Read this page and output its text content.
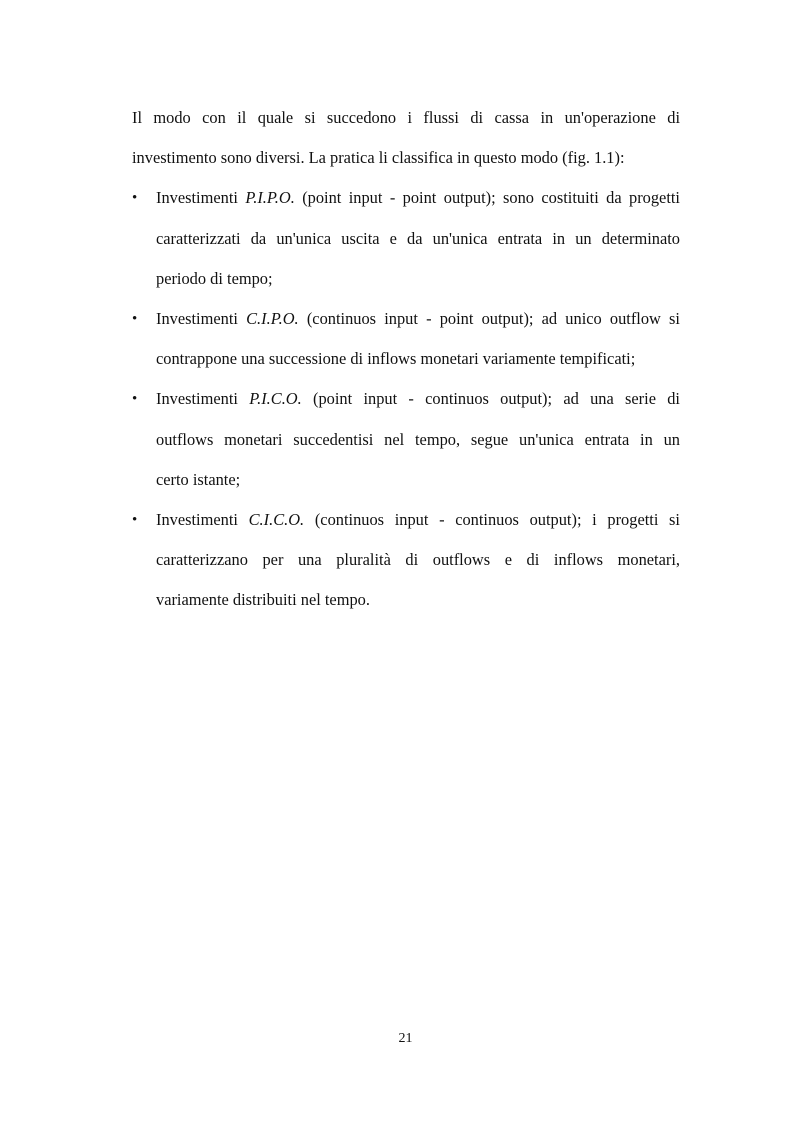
Il modo con il quale si succedono i flussi di cassa in un'operazione di
investimento sono diversi. La pratica li classifica in questo modo (fig. 1.1):

•	Investimenti P.I.P.O. (point input - point output); sono costituiti da progetti
caratterizzati da un'unica uscita e da un'unica entrata in un determinato
periodo di tempo;
•	Investimenti C.I.P.O. (continuos input - point output); ad unico outflow si
contrappone una successione di inflows monetari variamente tempificati;
•	Investimenti P.I.C.O. (point input - continuos output); ad una serie di
outflows monetari succedentisi nel tempo, segue un'unica entrata in un
certo istante;
•	Investimenti C.I.C.O. (continuos input - continuos output); i progetti si
caratterizzano per una pluralità di outflows e di inflows monetari,
variamente distribuiti nel tempo.
21
